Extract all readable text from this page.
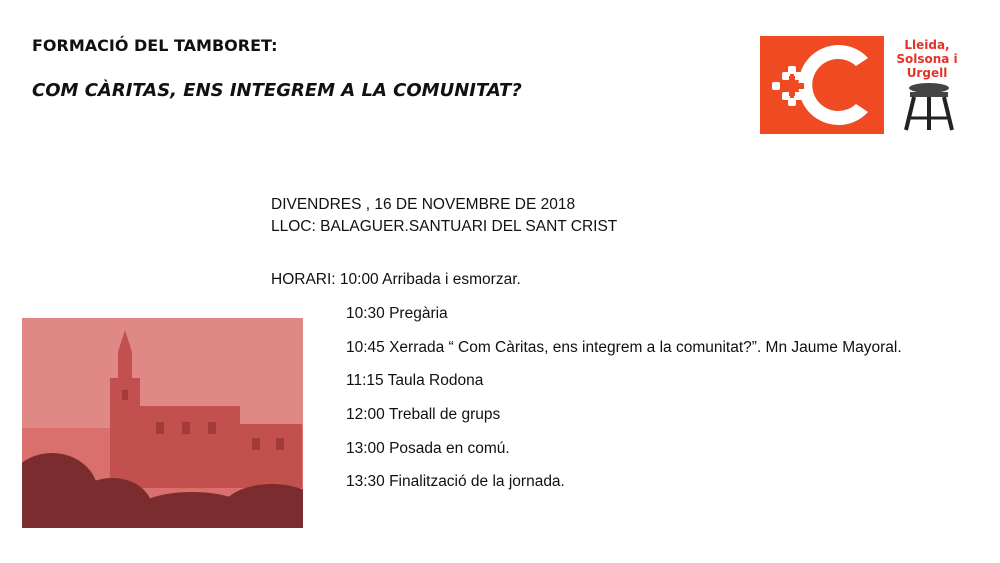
FORMACIÓ DEL TAMBORET:
COM CÀRITAS, ENS INTEGREM A LA COMUNITAT?
Lleida,
Solsona i
Urgell
DIVENDRES , 16 DE NOVEMBRE DE 2018
LLOC: BALAGUER.SANTUARI DEL SANT CRIST
HORARI: 10:00 Arribada i esmorzar.
10:30 Pregària
10:45 Xerrada “ Com Càritas, ens integrem a la comunitat?”. Mn Jaume Mayoral.
11:15 Taula Rodona
12:00 Treball de grups
13:00 Posada en comú.
13:30 Finalització de la jornada.
